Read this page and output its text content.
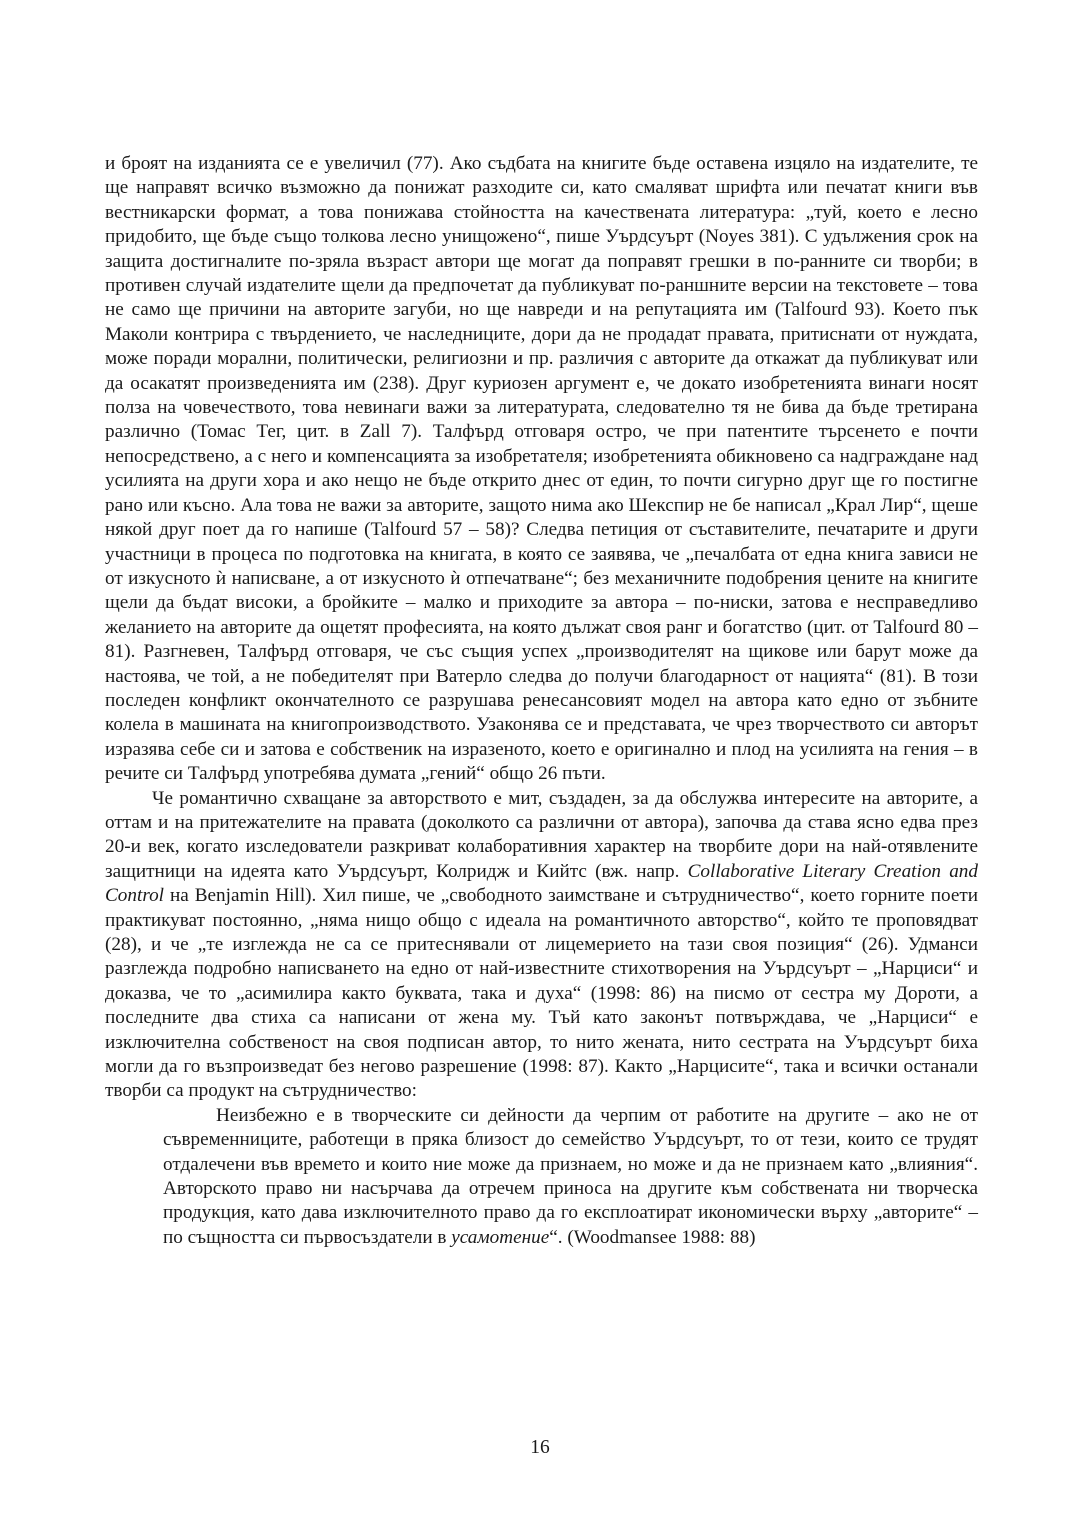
и броят на изданията се е увеличил (77). Ако съдбата на книгите бъде оставена изцяло на издателите, те ще направят всичко възможно да понижат разходите си, като смаляват шрифта или печатат книги във вестникарски формат, а това понижава стойността на качествената литература: „туй, което е лесно придобито, ще бъде също толкова лесно унищожено“, пише Уърдсуърт (Noyes 381). С удължения срок на защита достигналите по-зряла възраст автори ще могат да поправят грешки в по-ранните си творби; в противен случай издателите щели да предпочетат да публикуват по-раншните версии на текстовете – това не само ще причини на авторите загуби, но ще навреди и на репутацията им (Talfourd 93). Което пък Маколи контрира с твърдението, че наследниците, дори да не продадат правата, притиснати от нуждата, може поради морални, политически, религиозни и пр. различия с авторите да откажат да публикуват или да осакатят произведенията им (238). Друг куриозен аргумент е, че докато изобретенията винаги носят полза на човечеството, това невинаги важи за литературата, следователно тя не бива да бъде третирана различно (Томас Тег, цит. в Zall 7). Талфърд отговаря остро, че при патентите търсенето е почти непосредствено, а с него и компенсацията за изобретателя; изобретенията обикновено са надграждане над усилията на други хора и ако нещо не бъде открито днес от един, то почти сигурно друг ще го постигне рано или късно. Ала това не важи за авторите, защото нима ако Шекспир не бе написал „Крал Лир“, щеше някой друг поет да го напише (Talfourd 57 – 58)? Следва петиция от съставителите, печатарите и други участници в процеса по подготовка на книгата, в която се заявява, че „печалбата от една книга зависи не от изкусното ѝ написване, а от изкусното ѝ отпечатване“; без механичните подобрения цените на книгите щели да бъдат високи, а бройките – малко и приходите за автора – по-ниски, затова е несправедливо желанието на авторите да ощетят професията, на която дължат своя ранг и богатство (цит. от Talfourd 80 – 81). Разгневен, Талфърд отговаря, че със същия успех „производителят на щикове или барут може да настоява, че той, а не победителят при Ватерло следва до получи благодарност от нацията“ (81). В този последен конфликт окончателното се разрушава ренесансовият модел на автора като едно от зъбните колела в машината на книгопроизводството. Узаконява се и представата, че чрез творчеството си авторът изразява себе си и затова е собственик на изразеното, което е оригинално и плод на усилията на гения – в речите си Талфърд употребява думата „гений“ общо 26 пъти.

Че романтично схващане за авторството е мит, създаден, за да обслужва интересите на авторите, а оттам и на притежателите на правата (доколкото са различни от автора), започва да става ясно едва през 20-и век, когато изследователи разкриват колаборативния характер на творбите дори на най-отявлените защитници на идеята като Уърдсуърт, Колридж и Кийтс (вж. напр. Collaborative Literary Creation and Control на Benjamin Hill). Хил пише, че „свободното заимстване и сътрудничество“, което горните поети практикуват постоянно, „няма нищо общо с идеала на романтичното авторство“, който те проповядват (28), и че „те изглежда не са се притеснявали от лицемерието на тази своя позиция“ (26). Удманси разглежда подробно написването на едно от най-известните стихотворения на Уърдсуърт – „Нарциси“ и доказва, че то „асимилира както буквата, така и духа“ (1998: 86) на писмо от сестра му Дороти, а последните два стиха са написани от жена му. Тъй като законът потвърждава, че „Нарциси“ е изключителна собственост на своя подписан автор, то нито жената, нито сестрата на Уърдсуърт биха могли да го възпроизведат без негово разрешение (1998: 87). Както „Нарцисите“, така и всички останали творби са продукт на сътрудничество:

Неизбежно е в творческите си дейности да черпим от работите на другите – ако не от съвременниците, работещи в пряка близост до семейство Уърдсуърт, то от тези, които се трудят отдалечени във времето и които ние може да признаем, но може и да не признаем като „влияния“. Авторското право ни насърчава да отречем приноса на другите към собствената ни творческа продукция, като дава изключителното право да го експлоатират икономически върху „авторите“ – по същността си първосъздатели в усамотение“. (Woodmansee 1988: 88)

16
